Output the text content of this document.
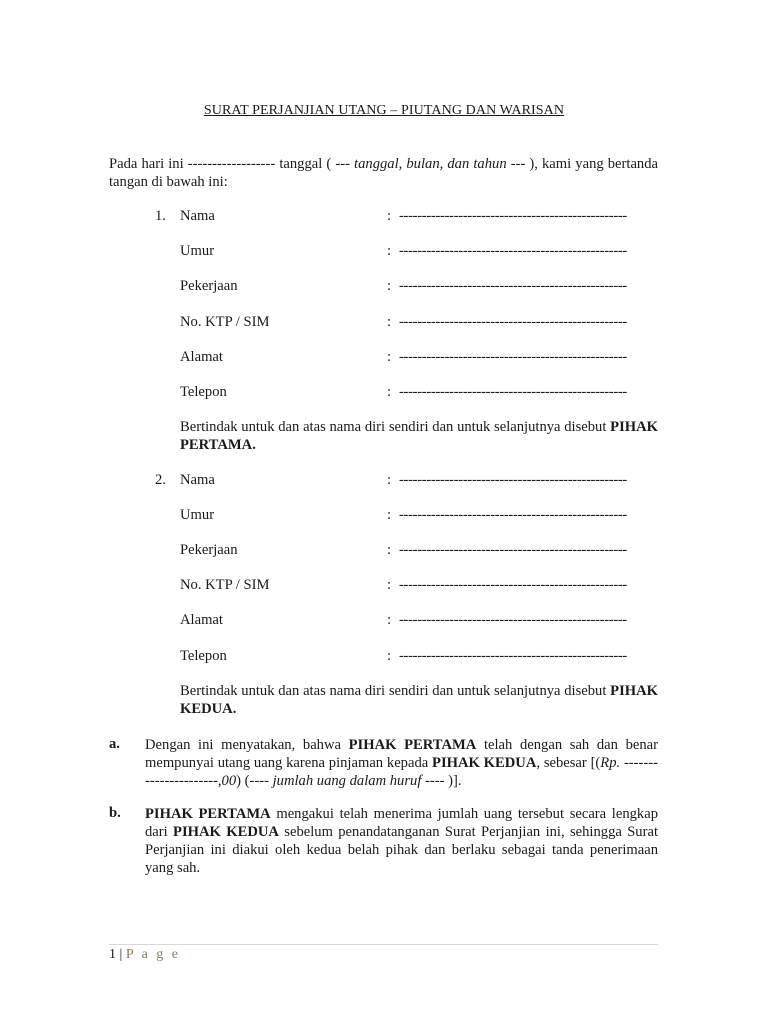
SURAT PERJANJIAN UTANG – PIUTANG DAN WARISAN
Pada hari ini ------------------ tanggal ( --- tanggal, bulan, dan tahun --- ), kami yang bertanda tangan di bawah ini:
1. Nama	: --------------------------------------------------
Umur	: --------------------------------------------------
Pekerjaan	: --------------------------------------------------
No. KTP / SIM	: --------------------------------------------------
Alamat	: --------------------------------------------------
Telepon	: --------------------------------------------------
Bertindak untuk dan atas nama diri sendiri dan untuk selanjutnya disebut PIHAK PERTAMA.
2. Nama	: --------------------------------------------------
Umur	: --------------------------------------------------
Pekerjaan	: --------------------------------------------------
No. KTP / SIM	: --------------------------------------------------
Alamat	: --------------------------------------------------
Telepon	: --------------------------------------------------
Bertindak untuk dan atas nama diri sendiri dan untuk selanjutnya disebut PIHAK KEDUA.
a. Dengan ini menyatakan, bahwa PIHAK PERTAMA telah dengan sah dan benar mempunyai utang uang karena pinjaman kepada PIHAK KEDUA, sebesar [(Rp. ----------------------,00) (---- jumlah uang dalam huruf ---- )].
b. PIHAK PERTAMA mengakui telah menerima jumlah uang tersebut secara lengkap dari PIHAK KEDUA sebelum penandatanganan Surat Perjanjian ini, sehingga Surat Perjanjian ini diakui oleh kedua belah pihak dan berlaku sebagai tanda penerimaan yang sah.
1 | P a g e
